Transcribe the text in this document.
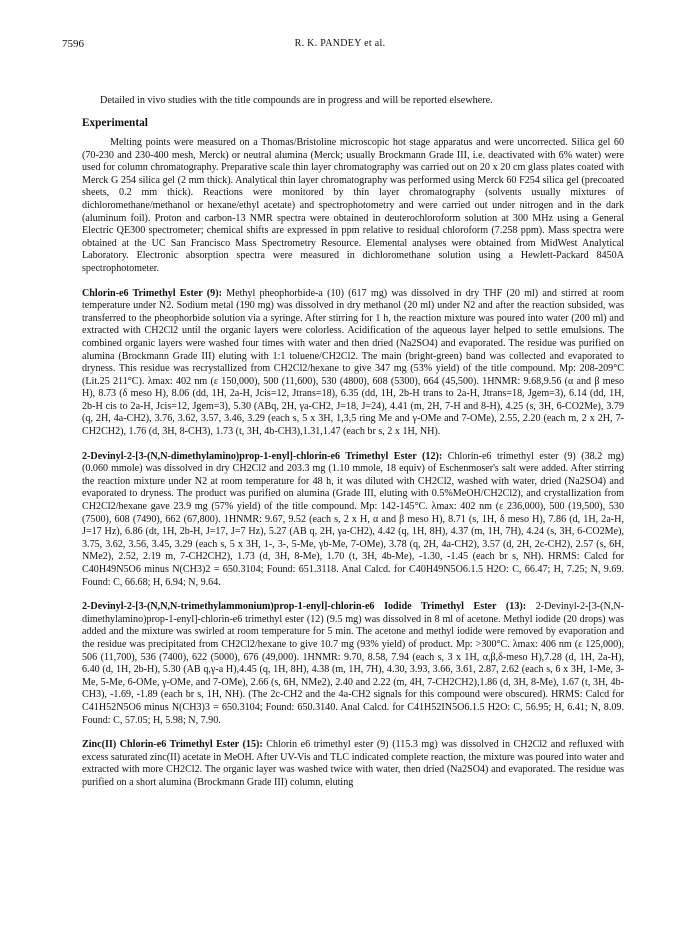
7596	R. K. PANDEY et al.

Detailed in vivo studies with the title compounds are in progress and will be reported elsewhere.

Experimental

Melting points were measured on a Thomas/Bristoline microscopic hot stage apparatus and were uncorrected. Silica gel 60 (70-230 and 230-400 mesh, Merck) or neutral alumina (Merck; usually Brockmann Grade III, i.e. deactivated with 6% water) were used for column chromatography. Preparative scale thin layer chromatography was carried out on 20 x 20 cm glass plates coated with Merck G 254 silica gel (2 mm thick). Analytical thin layer chromatography was performed using Merck 60 F254 silica gel (precoated sheets, 0.2 mm thick). Reactions were monitored by thin layer chromatography (solvents usually mixtures of dichloromethane/methanol or hexane/ethyl acetate) and spectrophotometry and were carried out under nitrogen and in the dark (aluminum foil). Proton and carbon-13 NMR spectra were obtained in deuterochloroform solution at 300 MHz using a General Electric QE300 spectrometer; chemical shifts are expressed in ppm relative to residual chloroform (7.258 ppm). Mass spectra were obtained at the UC San Francisco Mass Spectrometry Resource. Elemental analyses were obtained from MidWest Analytical Laboratory. Electronic absorption spectra were measured in dichloromethane solution using a Hewlett-Packard 8450A spectrophotometer.

Chlorin-e6 Trimethyl Ester (9): Methyl pheophorbide-a (10) (617 mg) was dissolved in dry THF (20 ml) and stirred at room temperature under N2. Sodium metal (190 mg) was dissolved in dry methanol (20 ml) under N2 and after the reaction subsided, was transferred to the pheophorbide solution via a syringe. After stirring for 1 h, the reaction mixture was poured into water (200 ml) and extracted with CH2Cl2 until the organic layers were colorless. Acidification of the aqueous layer helped to settle emulsions. The combined organic layers were washed four times with water and then dried (Na2SO4) and evaporated. The residue was purified on alumina (Brockmann Grade III) eluting with 1:1 toluene/CH2Cl2. The main (bright-green) band was collected and evaporated to dryness. This residue was recrystallized from CH2Cl2/hexane to give 347 mg (53% yield) of the title compound. Mp: 208-209°C (Lit.25 211°C). λmax: 402 nm (ε 150,000), 500 (11,600), 530 (4800), 608 (5300), 664 (45,500). 1HNMR: 9.68,9.56 (α and β meso H), 8.73 (δ meso H), 8.06 (dd, 1H, 2a-H, Jcis=12, Jtrans=18), 6.35 (dd, 1H, 2b-H trans to 2a-H, Jtrans=18, Jgem=3), 6.14 (dd, 1H, 2b-H cis to 2a-H, Jcis=12, Jgem=3), 5.30 (ABq, 2H, γa-CH2, J=18, J=24), 4.41 (m, 2H, 7-H and 8-H), 4.25 (s, 3H, 6-CO2Me), 3.79 (q, 2H, 4a-CH2), 3.76, 3.62, 3.57, 3.46, 3.29 (each s, 5 x 3H, 1,3,5 ring Me and γ-OMe and 7-OMe), 2.55, 2.20 (each m, 2 x 2H, 7-CH2CH2), 1.76 (d, 3H, 8-CH3), 1.73 (t, 3H, 4b-CH3),1.31,1.47 (each br s, 2 x 1H, NH).

2-Devinyl-2-[3-(N,N-dimethylamino)prop-1-enyl]-chlorin-e6 Trimethyl Ester (12): Chlorin-e6 trimethyl ester (9) (38.2 mg) (0.060 mmole) was dissolved in dry CH2Cl2 and 203.3 mg (1.10 mmole, 18 equiv) of Eschenmoser's salt were added. After stirring the reaction mixture under N2 at room temperature for 48 h, it was diluted with CH2Cl2, washed with water, dried (Na2SO4) and evaporated to dryness. The product was purified on alumina (Grade III, eluting with 0.5%MeOH/CH2Cl2), and crystallization from CH2Cl2/hexane gave 23.9 mg (57% yield) of the title compound. Mp: 142-145°C. λmax: 402 nm (ε 236,000), 500 (19,500), 530 (7500), 608 (7490), 662 (67,800). 1HNMR: 9.67, 9.52 (each s, 2 x H, α and β meso H), 8.71 (s, 1H, δ meso H), 7.86 (d, 1H, 2a-H, J=17 Hz), 6.86 (dt, 1H, 2b-H, J=17, J=7 Hz), 5.27 (AB q, 2H, γa-CH2), 4.42 (q, 1H, 8H), 4.37 (m, 1H, 7H), 4.24 (s, 3H, 6-CO2Me), 3.75, 3.62, 3.56, 3.45, 3.29 (each s, 5 x 3H, 1-, 3-, 5-Me, γb-Me, 7-OMe), 3.78 (q, 2H, 4a-CH2), 3.57 (d, 2H, 2c-CH2), 2.57 (s, 6H, NMe2), 2.52, 2.19 m, 7-CH2CH2), 1.73 (d, 3H, 8-Me), 1.70 (t, 3H, 4b-Me), -1.30, -1.45 (each br s, NH). HRMS: Calcd for C40H49N5O6 minus N(CH3)2 = 650.3104; Found: 651.3118. Anal Calcd. for C40H49N5O6.1.5 H2O: C, 66.47; H, 7.25; N, 9.69. Found: C, 66.68; H, 6.94; N, 9.64.

2-Devinyl-2-[3-(N,N,N-trimethylammonium)prop-1-enyl]-chlorin-e6 Iodide Trimethyl Ester (13): 2-Devinyl-2-[3-(N,N-dimethylamino)prop-1-enyl]-chlorin-e6 trimethyl ester (12) (9.5 mg) was dissolved in 8 ml of acetone. Methyl iodide (20 drops) was added and the mixture was swirled at room temperature for 5 min. The acetone and methyl iodide were removed by evaporation and the residue was precipitated from CH2Cl2/hexane to give 10.7 mg (93% yield) of product. Mp: >300°C. λmax: 406 nm (ε 125,000), 506 (11,700), 536 (7400), 622 (5000), 676 (49,000). 1HNMR: 9.70, 8.58, 7.94 (each s, 3 x 1H, α,β,δ-meso H),7.28 (d, 1H, 2a-H), 6.40 (d, 1H, 2b-H), 5.30 (AB q,γ-a H),4.45 (q, 1H, 8H), 4.38 (m, 1H, 7H), 4.30, 3.93, 3.66, 3.61, 2.87, 2.62 (each s, 6 x 3H, 1-Me, 3-Me, 5-Me, 6-OMe, γ-OMe, and 7-OMe), 2.66 (s, 6H, NMe2), 2.40 and 2.22 (m, 4H, 7-CH2CH2),1.86 (d, 3H, 8-Me), 1.67 (t, 3H, 4b-CH3), -1.69, -1.89 (each br s, 1H, NH). (The 2c-CH2 and the 4a-CH2 signals for this compound were obscured). HRMS: Calcd for C41H52N5O6 minus N(CH3)3 = 650.3104; Found: 650.3140. Anal Calcd. for C41H52IN5O6.1.5 H2O: C, 56.95; H, 6.41; N, 8.09. Found: C, 57.05; H, 5.98; N, 7.90.

Zinc(II) Chlorin-e6 Trimethyl Ester (15): Chlorin e6 trimethyl ester (9) (115.3 mg) was dissolved in CH2Cl2 and refluxed with excess saturated zinc(II) acetate in MeOH. After UV-Vis and TLC indicated complete reaction, the mixture was poured into water and extracted with more CH2Cl2. The organic layer was washed twice with water, then dried (Na2SO4) and evaporated. The residue was purified on a short alumina (Brockmann Grade III) column, eluting
